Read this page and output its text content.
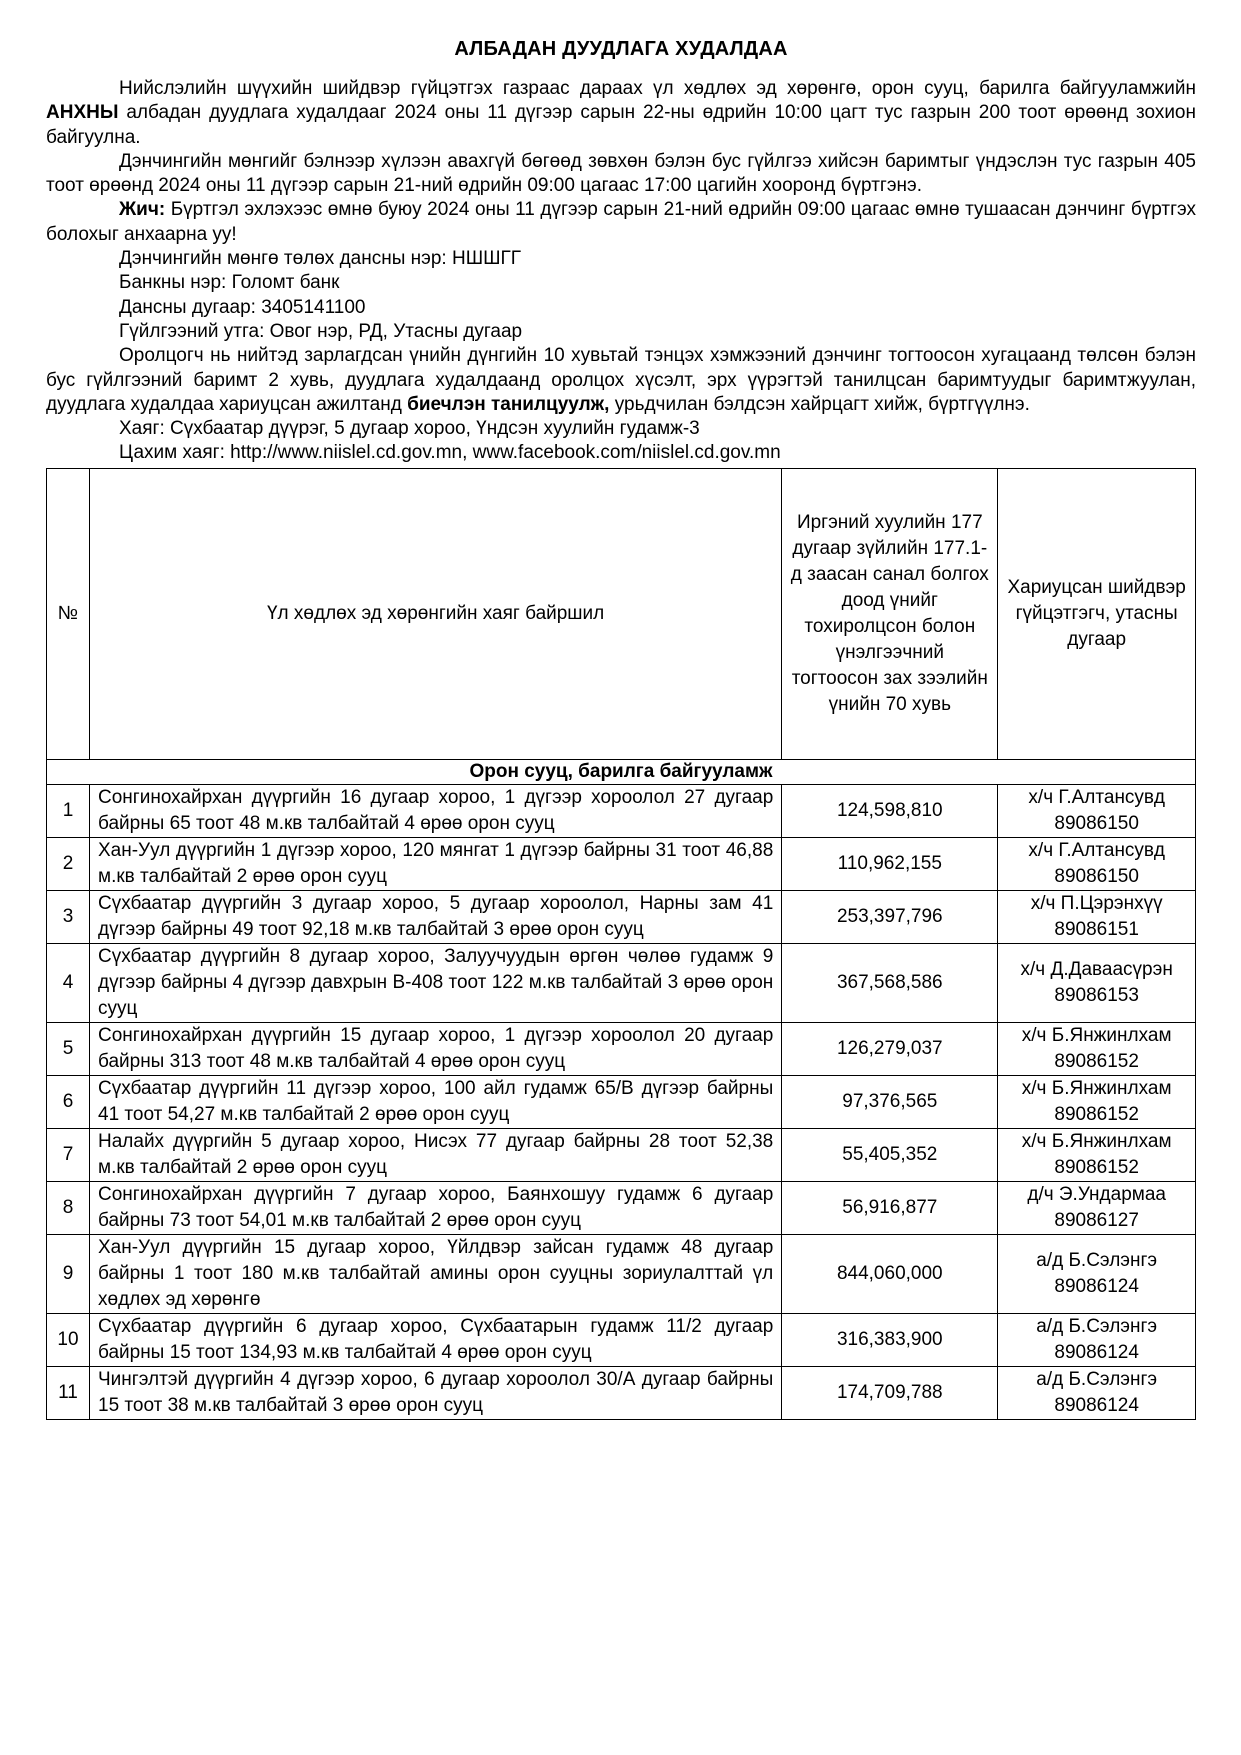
АЛБАДАН ДУУДЛАГА ХУДАЛДАА

Нийслэлийн шүүхийн шийдвэр гүйцэтгэх газраас дараах үл хөдлөх эд хөрөнгө, орон сууц, барилга байгууламжийн АНХНЫ албадан дуудлага худалдааг 2024 оны 11 дүгээр сарын 22-ны өдрийн 10:00 цагт тус газрын 200 тоот өрөөнд зохион байгуулна.

Дэнчингийн мөнгийг бэлнээр хүлээн авахгүй бөгөөд зөвхөн бэлэн бус гүйлгээ хийсэн баримтыг үндэслэн тус газрын 405 тоот өрөөнд 2024 оны 11 дүгээр сарын 21-ний өдрийн 09:00 цагаас 17:00 цагийн хооронд бүртгэнэ.

Жич: Бүртгэл эхлэхээс өмнө буюу 2024 оны 11 дүгээр сарын 21-ний өдрийн 09:00 цагаас өмнө тушаасан дэнчинг бүртгэх болохыг анхаарна уу!

Дэнчингийн мөнгө төлөх дансны нэр: НШШГГ

Банкны нэр: Голомт банк

Дансны дугаар: 3405141100

Гүйлгээний утга: Овог нэр, РД, Утасны дугаар

Оролцогч нь нийтэд зарлагдсан үнийн дүнгийн 10 хувьтай тэнцэх хэмжээний дэнчинг тогтоосон хугацаанд төлсөн бэлэн бус гүйлгээний баримт 2 хувь, дуудлага худалдаанд оролцох хүсэлт, эрх үүрэгтэй танилцсан баримтуудыг баримтжуулан, дуудлага худалдаа хариуцсан ажилтанд биечлэн танилцуулж, урьдчилан бэлдсэн хайрцагт хийж, бүртгүүлнэ.

Хаяг: Сүхбаатар дүүрэг, 5 дугаар хороо, Үндсэн хуулийн гудамж-3

Цахим хаяг: http://www.niislel.cd.gov.mn, www.facebook.com/niislel.cd.gov.mn

№	Үл хөдлөх эд хөрөнгийн хаяг байршил	Иргэний хуулийн 177 дугаар зүйлийн 177.1-д заасан санал болгох доод үнийг тохиролцсон болон үнэлгээчний тогтоосон зах зээлийн үнийн 70 хувь	Хариуцсан шийдвэр гүйцэтгэгч, утасны дугаар
Орон сууц, барилга байгууламж			
1	Сонгинохайрхан дүүргийн 16 дугаар хороо, 1 дүгээр хороолол 27 дугаар байрны 65 тоот 48 м.кв талбайтай 4 өрөө орон сууц	124,598,810	х/ч Г.Алтансувд
89086150

2	Хан-Уул дүүргийн 1 дүгээр хороо, 120 мянгат 1 дүгээр байрны 31 тоот 46,88 м.кв талбайтай 2 өрөө орон сууц	110,962,155	х/ч Г.Алтансувд
89086150

3	Сүхбаатар дүүргийн 3 дугаар хороо, 5 дугаар хороолол, Нарны зам 41 дүгээр байрны 49 тоот 92,18 м.кв талбайтай 3 өрөө орон сууц	253,397,796	х/ч П.Цэрэнхүү
89086151

4	Сүхбаатар дүүргийн 8 дугаар хороо, Залуучуудын өргөн чөлөө гудамж 9 дүгээр байрны 4 дүгээр давхрын В-408 тоот 122 м.кв талбайтай 3 өрөө орон сууц	367,568,586	х/ч Д.Даваасүрэн
89086153

5	Сонгинохайрхан дүүргийн 15 дугаар хороо, 1 дүгээр хороолол 20 дугаар байрны 313 тоот 48 м.кв талбайтай 4 өрөө орон сууц	126,279,037	х/ч Б.Янжинлхам
89086152

6	Сүхбаатар дүүргийн 11 дүгээр хороо, 100 айл гудамж 65/В дүгээр байрны 41 тоот 54,27 м.кв талбайтай 2 өрөө орон сууц	97,376,565	х/ч Б.Янжинлхам
89086152

7	Налайх дүүргийн 5 дугаар хороо, Нисэх 77 дугаар байрны 28 тоот 52,38 м.кв талбайтай 2 өрөө орон сууц	55,405,352	х/ч Б.Янжинлхам
89086152

8	Сонгинохайрхан дүүргийн 7 дугаар хороо, Баянхошуу гудамж 6 дугаар байрны 73 тоот 54,01 м.кв талбайтай 2 өрөө орон сууц	56,916,877	д/ч Э.Ундармаа
89086127

9	Хан-Уул дүүргийн 15 дугаар хороо, Үйлдвэр зайсан гудамж 48 дугаар байрны 1 тоот 180 м.кв талбайтай амины орон сууцны зориулалттай үл хөдлөх эд хөрөнгө	844,060,000	а/д Б.Сэлэнгэ
89086124

10	Сүхбаатар дүүргийн 6 дугаар хороо, Сүхбаатарын гудамж 11/2 дугаар байрны 15 тоот 134,93 м.кв талбайтай 4 өрөө орон сууц	316,383,900	а/д Б.Сэлэнгэ
89086124

11	Чингэлтэй дүүргийн 4 дүгээр хороо, 6 дугаар хороолол 30/А дугаар байрны 15 тоот 38 м.кв талбайтай 3 өрөө орон сууц	174,709,788	а/д Б.Сэлэнгэ
89086124
